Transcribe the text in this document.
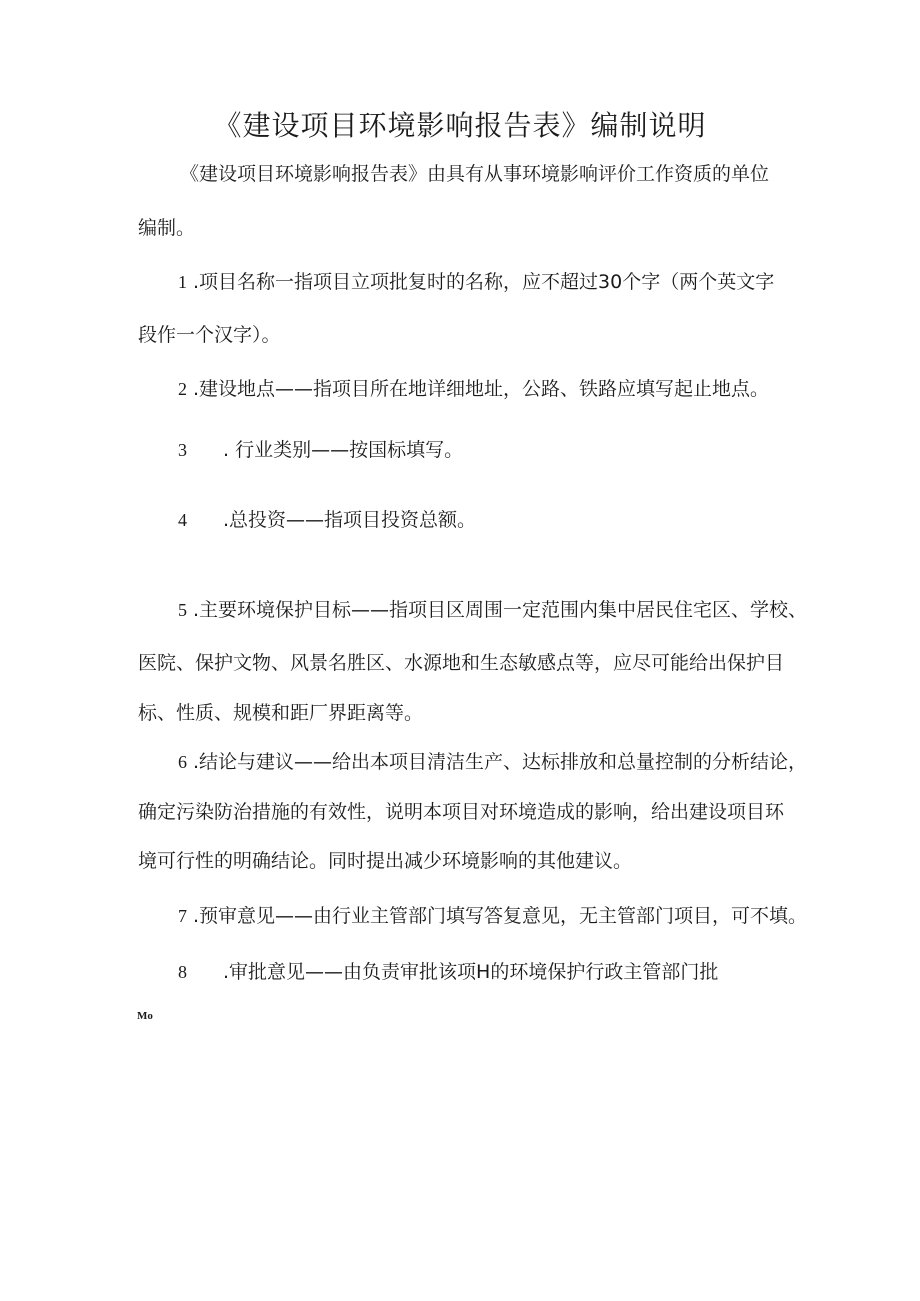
《建设项目环境影响报告表》编制说明
《建设项目环境影响报告表》由具有从事环境影响评价工作资质的单位
编制。
1 .项目名称一指项目立项批复时的名称，应不超过30个字（两个英文字
段作一个汉字）。
2 .建设地点——指项目所在地详细地址，公路、铁路应填写起止地点。
3 . 行业类别——按国标填写。
4 .总投资——指项目投资总额。
5 .主要环境保护目标——指项目区周围一定范围内集中居民住宅区、学校、
医院、保护文物、风景名胜区、水源地和生态敏感点等，应尽可能给出保护目
标、性质、规模和距厂界距离等。
6 .结论与建议——给出本项目清洁生产、达标排放和总量控制的分析结论，
确定污染防治措施的有效性，说明本项目对环境造成的影响，给出建设项目环
境可行性的明确结论。同时提出减少环境影响的其他建议。
7 .预审意见——由行业主管部门填写答复意见，无主管部门项目，可不填。
8 .审批意见——由负责审批该项H的环境保护行政主管部门批
Mo
